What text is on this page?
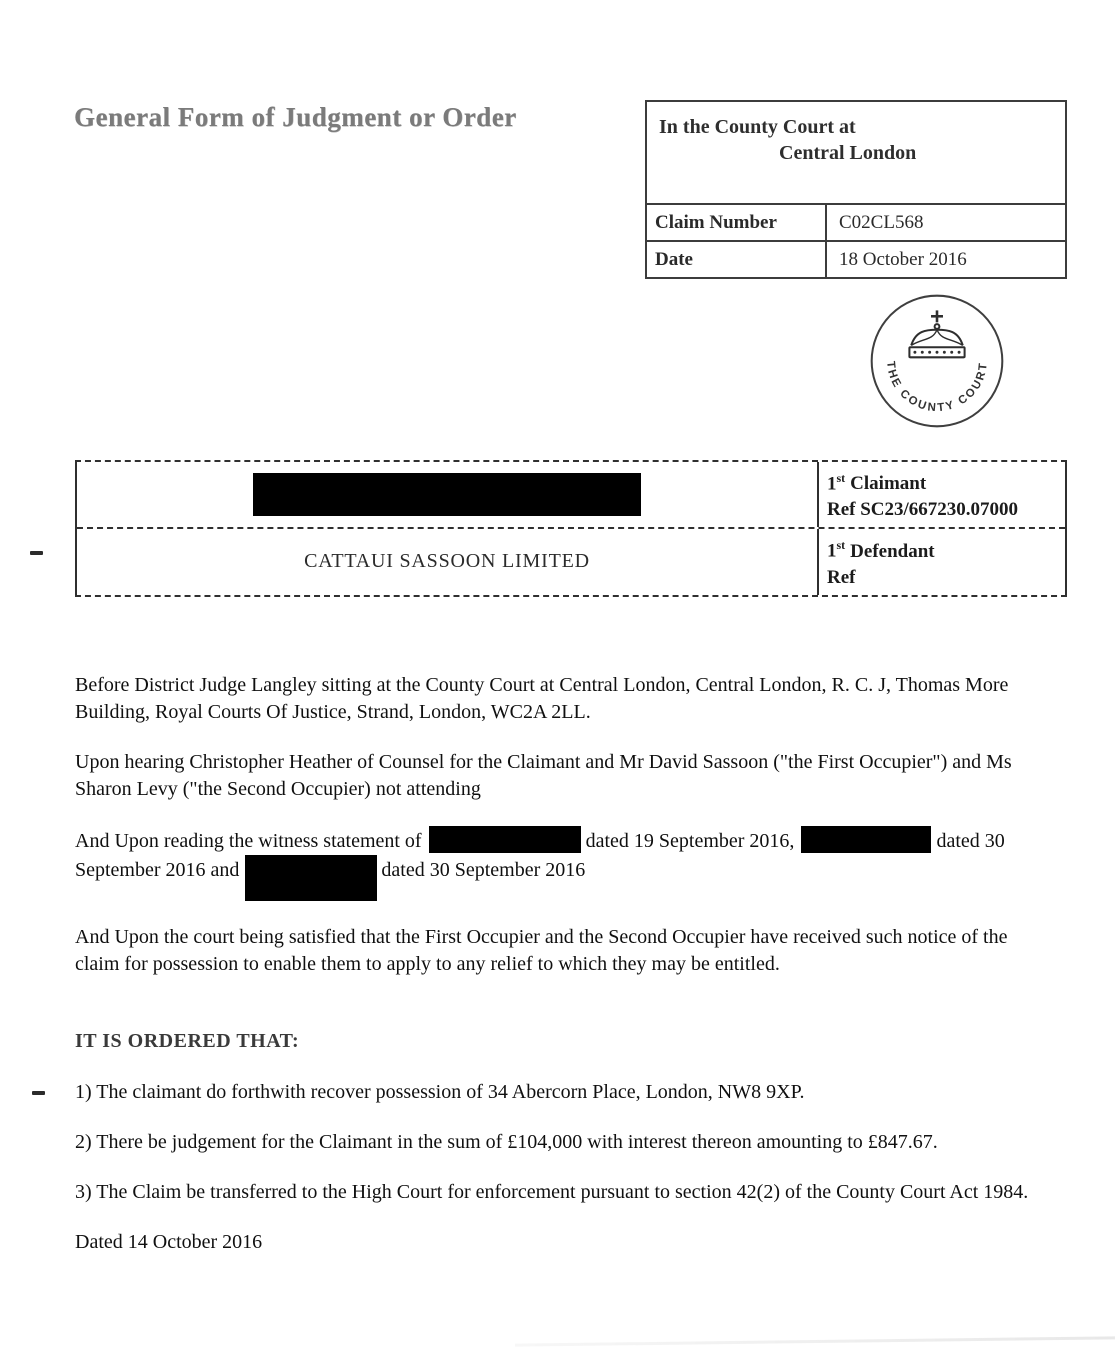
General Form of Judgment or Order	In the County Court at
Central London
Claim Number	C02CL568
Date	18 October 2016
THE COUNTY COURT
1st Claimant
Ref SC23/667230.07000
CATTAUI SASSOON LIMITED	1st Defendant
Ref

Before District Judge Langley sitting at the County Court at Central London, Central London, R. C. J, Thomas More Building, Royal Courts Of Justice, Strand, London, WC2A 2LL.

Upon hearing Christopher Heather of Counsel for the Claimant and Mr David Sassoon ("the First Occupier") and Ms Sharon Levy ("the Second Occupier) not attending

And Upon reading the witness statement of	dated 19 September 2016,	dated 30 September 2016 and	dated 30 September 2016

And Upon the court being satisfied that the First Occupier and the Second Occupier have received such notice of the claim for possession to enable them to apply to any relief to which they may be entitled.

IT IS ORDERED THAT:

1) The claimant do forthwith recover possession of 34 Abercorn Place, London, NW8 9XP.

2) There be judgement for the Claimant in the sum of £104,000 with interest thereon amounting to £847.67.

3) The Claim be transferred to the High Court for enforcement pursuant to section 42(2) of the County Court Act 1984.

Dated 14 October 2016
